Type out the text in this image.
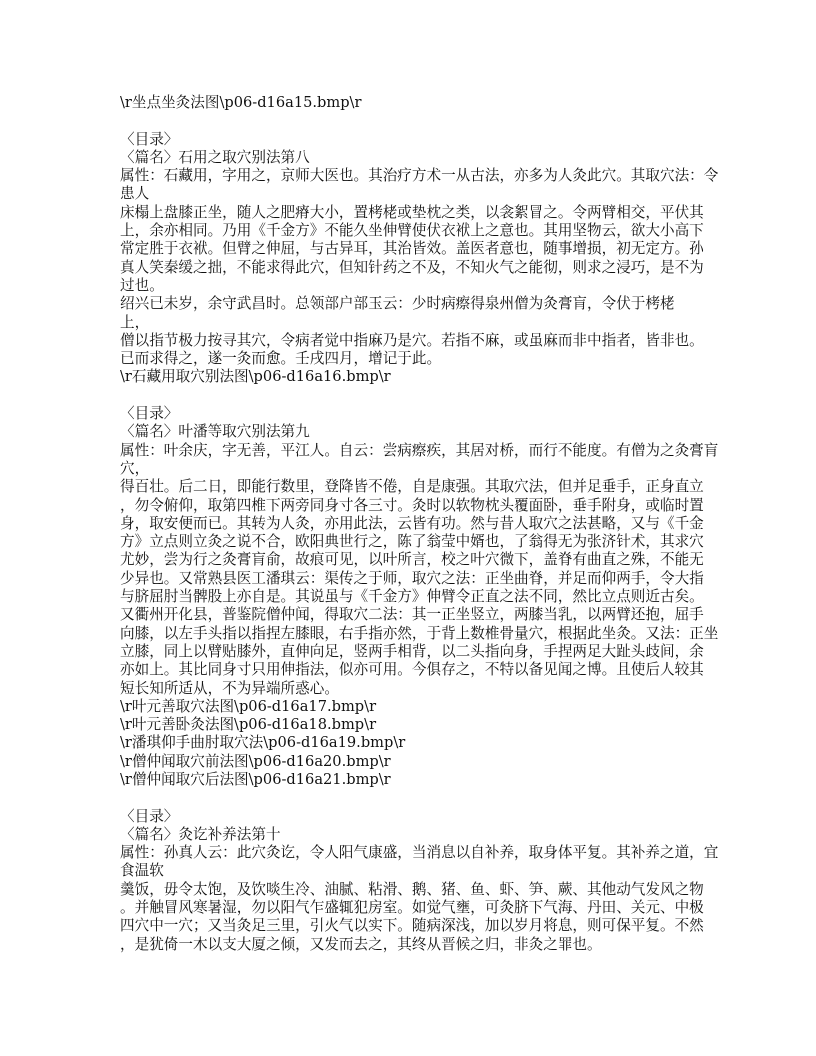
\r坐点坐灸法图\p06-d16a15.bmp\r
〈目录〉
〈篇名〉石用之取穴别法第八
属性：石藏用，字用之，京师大医也。其治疗方术一从古法，亦多为人灸此穴。其取穴法：令
患人
床榻上盘膝正坐，随人之肥瘠大小，置栲栳或垫枕之类，以衾絮冒之。令两臂相交，平伏其
上，余亦相同。乃用《千金方》不能久坐伸臂使伏衣袱上之意也。其用坚物云，欲大小高下
常定胜于衣袱。但臂之伸屈，与古异耳，其治皆效。盖医者意也，随事增损，初无定方。孙
真人笑秦缓之拙，不能求得此穴，但知针药之不及，不知火气之能彻，则求之浸巧，是不为
过也。
绍兴已未岁，余守武昌时。总领部户部玉云：少时病瘵得泉州僧为灸膏肓，令伏于栲栳
上，
僧以指节极力按寻其穴，令病者觉中指麻乃是穴。若指不麻，或虽麻而非中指者，皆非也。
已而求得之，遂一灸而愈。壬戌四月，增记于此。
\r石藏用取穴别法图\p06-d16a16.bmp\r
〈目录〉
〈篇名〉叶潘等取穴别法第九
属性：叶余庆，字无善，平江人。自云：尝病瘵疾，其居对桥，而行不能度。有僧为之灸膏肓
穴，
得百壮。后二日，即能行数里，登降皆不倦，自是康强。其取穴法，但并足垂手，正身直立
，勿令俯仰，取第四椎下两旁同身寸各三寸。灸时以软物枕头覆面卧，垂手附身，或临时置
身，取安便而已。其转为人灸，亦用此法，云皆有功。然与昔人取穴之法甚略，又与《千金
方》立点则立灸之说不合，欧阳典世行之，陈了翁莹中婿也，了翁得无为张济针术，其求穴
尤妙，尝为行之灸膏肓俞，故痕可见，以叶所言，校之叶穴微下，盖脊有曲直之殊，不能无
少异也。又常熟县医工潘琪云：渠传之于师，取穴之法：正坐曲脊，并足而仰两手，令大指
与脐屈肘当髀股上亦自是。其说虽与《千金方》伸臂令正直之法不同，然比立点则近古矣。
又衢州开化县，普鉴院僧仲闻，得取穴二法：其一正坐竖立，两膝当乳，以两臂还抱，屈手
向膝，以左手头指以指捏左膝眼，右手指亦然，于背上数椎骨量穴，根据此坐灸。又法：正坐
立膝，同上以臂贴膝外，直伸向足，竖两手相背，以二头指向身，手捏两足大趾头歧间，余
亦如上。其比同身寸只用伸指法，似亦可用。今俱存之，不特以备见闻之博。且使后人较其
短长知所适从，不为异端所惑心。
\r叶元善取穴法图\p06-d16a17.bmp\r
\r叶元善卧灸法图\p06-d16a18.bmp\r
\r潘琪仰手曲肘取穴法\p06-d16a19.bmp\r
\r僧仲闻取穴前法图\p06-d16a20.bmp\r
\r僧仲闻取穴后法图\p06-d16a21.bmp\r
〈目录〉
〈篇名〉灸讫补养法第十
属性：孙真人云：此穴灸讫，令人阳气康盛，当消息以自补养，取身体平复。其补养之道，宜
食温软
羹饭，毋令太饱，及饮啖生冷、油腻、粘滑、鹅、猪、鱼、虾、笋、蕨、其他动气发风之物
。并触冒风寒暑湿，勿以阳气乍盛辄犯房室。如觉气壅，可灸脐下气海、丹田、关元、中极
四穴中一穴；又当灸足三里，引火气以实下。随病深浅，加以岁月将息，则可保平复。不然
，是犹倚一木以支大厦之倾，又发而去之，其终从晋候之归，非灸之罪也。
